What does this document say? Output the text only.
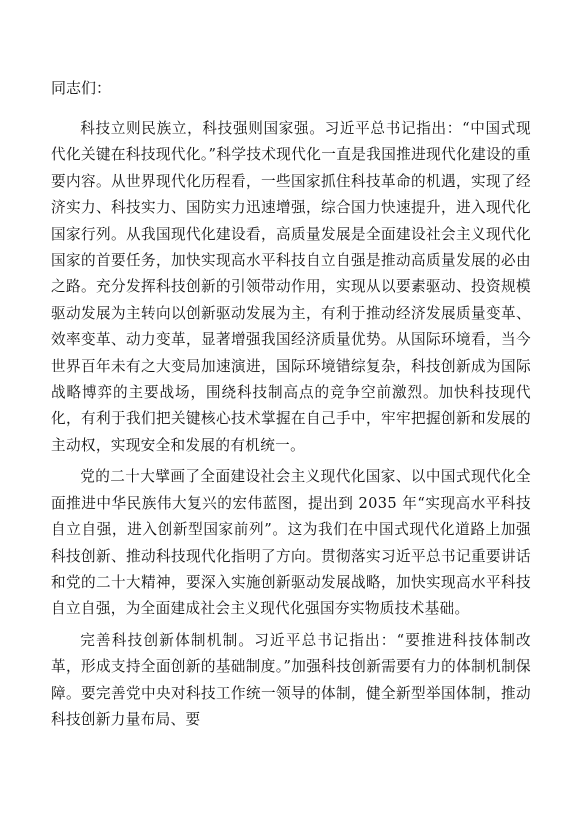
同志们：

科技立则民族立，科技强则国家强。习近平总书记指出：“中国式现代化关键在科技现代化。”科学技术现代化一直是我国推进现代化建设的重要内容。从世界现代化历程看，一些国家抓住科技革命的机遇，实现了经济实力、科技实力、国防实力迅速增强，综合国力快速提升，进入现代化国家行列。从我国现代化建设看，高质量发展是全面建设社会主义现代化国家的首要任务，加快实现高水平科技自立自强是推动高质量发展的必由之路。充分发挥科技创新的引领带动作用，实现从以要素驱动、投资规模驱动发展为主转向以创新驱动发展为主，有利于推动经济发展质量变革、效率变革、动力变革，显著增强我国经济质量优势。从国际环境看，当今世界百年未有之大变局加速演进，国际环境错综复杂，科技创新成为国际战略博弈的主要战场，围绕科技制高点的竞争空前激烈。加快科技现代化，有利于我们把关键核心技术掌握在自己手中，牢牢把握创新和发展的主动权，实现安全和发展的有机统一。

党的二十大擘画了全面建设社会主义现代化国家、以中国式现代化全面推进中华民族伟大复兴的宏伟蓝图，提出到 2035 年“实现高水平科技自立自强，进入创新型国家前列”。这为我们在中国式现代化道路上加强科技创新、推动科技现代化指明了方向。贯彻落实习近平总书记重要讲话和党的二十大精神，要深入实施创新驱动发展战略，加快实现高水平科技自立自强，为全面建成社会主义现代化强国夯实物质技术基础。

完善科技创新体制机制。习近平总书记指出：“要推进科技体制改革，形成支持全面创新的基础制度。”加强科技创新需要有力的体制机制保障。要完善党中央对科技工作统一领导的体制，健全新型举国体制，推动科技创新力量布局、要
